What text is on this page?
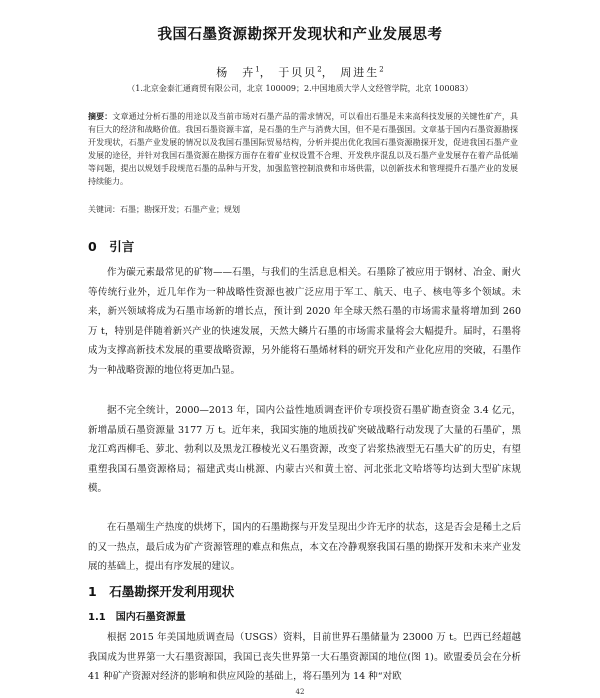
我国石墨资源勘探开发现状和产业发展思考
杨　卉$^1$， 于贝贝$^2$， 周进生$^2$
（1.北京金泰汇通商贸有限公司，北京 100009；2.中国地质大学人文经管学院，北京 100083）
摘要：文章通过分析石墨的用途以及当前市场对石墨产品的需求情况，可以看出石墨是未来高科技发展的关键性矿产，具有巨大的经济和战略价值。我国石墨资源丰富，是石墨的生产与消费大国，但不是石墨强国。文章基于国内石墨资源勘探开发现状，石墨产业发展的情况以及我国石墨国际贸易结构，分析并提出优化我国石墨资源勘探开发，促进我国石墨产业发展的途径，并针对我国石墨资源在勘探方面存在着矿业权设置不合理、开发秩序混乱以及石墨产业发展存在着产品低端等问题，提出以规划手段规范石墨的品种与开发，加强监管控制浪费和市场供需，以创新技术和管理提升石墨产业的发展持续能力。
关键词：石墨；勘探开发；石墨产业；规划
0　引言
作为碳元素最常见的矿物——石墨，与我们的生活息息相关。石墨除了被应用于钢材、冶金、耐火等传统行业外，近几年作为一种战略性资源也被广泛应用于军工、航天、电子、核电等多个领域。未来，新兴领域将成为石墨市场新的增长点，预计到 2020 年全球天然石墨的市场需求量将增加到 260 万 t，特别是伴随着新兴产业的快速发展，天然大鳞片石墨的市场需求量将会大幅提升。届时，石墨将成为支撑高新技术发展的重要战略资源，另外能将石墨烯材料的研究开发和产业化应用的突破，石墨作为一种战略资源的地位将更加凸显。
据不完全统计，2000—2013 年，国内公益性地质调查评价专项投资石墨矿勘查资金 3.4 亿元，新增晶质石墨资源量 3177 万 t。近年来，我国实施的地质找矿突破战略行动发现了大量的石墨矿，黑龙江鸡西柳毛、萝北、勃利以及黑龙江穆棱光义石墨资源，改变了岩浆热液型无石墨大矿的历史，有望重塑我国石墨资源格局；福建武夷山桃源、内蒙古兴和黄土窑、河北张北文哈塔等均达到大型矿床规模。
在石墨端生产热度的烘烤下，国内的石墨勘探与开发呈现出少许无序的状态，这是否会是稀土之后的又一热点，最后成为矿产资源管理的难点和焦点，本文在冷静观察我国石墨的勘探开发和未来产业发展的基础上，提出有序发展的建议。
1　石墨勘探开发利用现状
1.1　国内石墨资源量
根据 2015 年美国地质调查局（USGS）资料，目前世界石墨储量为 23000 万 t。巴西已经超越我国成为世界第一大石墨资源国，我国已丧失世界第一大石墨资源国的地位(图 1)。欧盟委员会在分析 41 种矿产资源对经济的影响和供应风险的基础上，将石墨列为 14 种“对欧
42
